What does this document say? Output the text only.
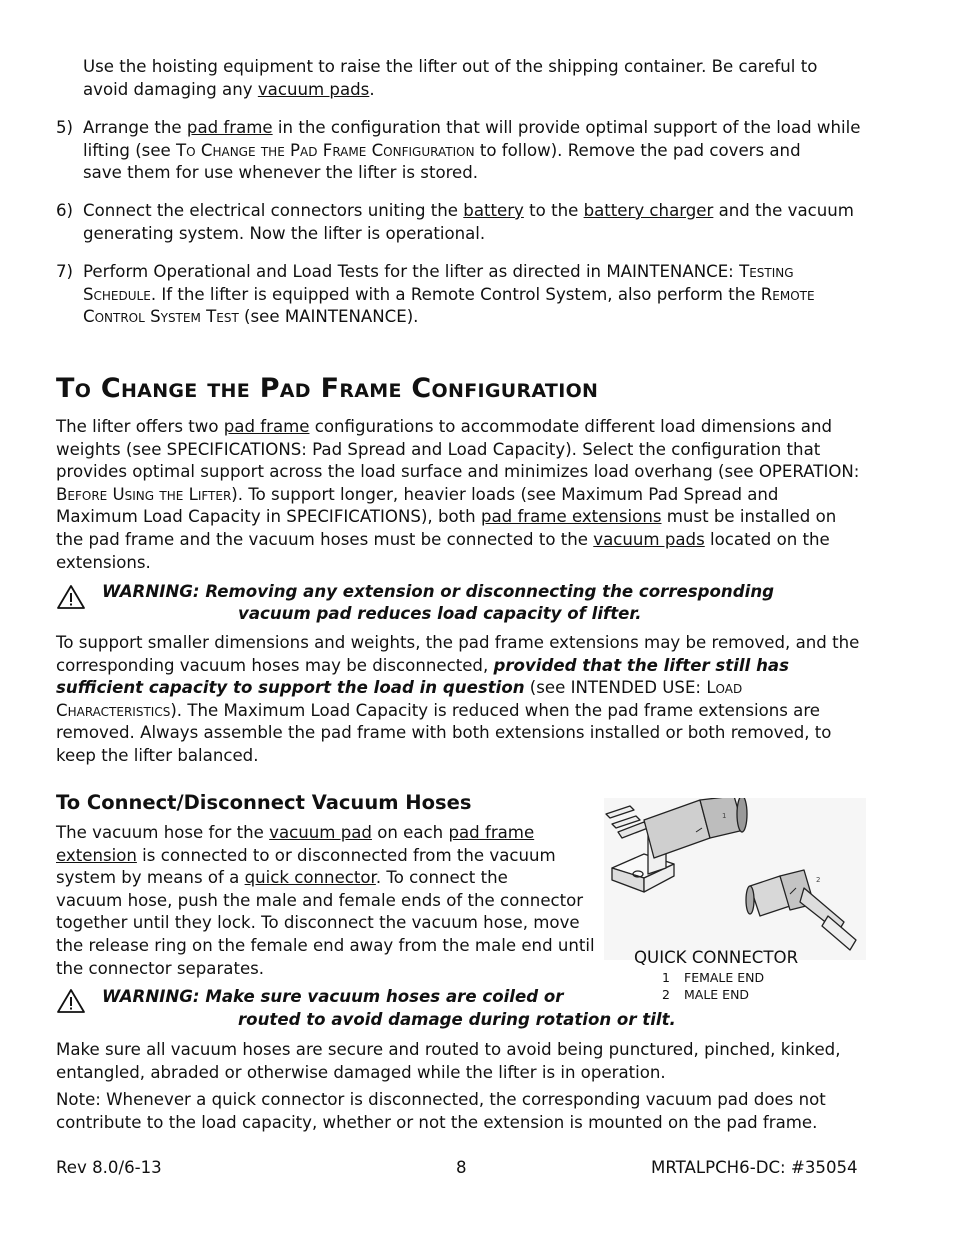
Use the hoisting equipment to raise the lifter out of the shipping container. Be careful to

avoid damaging any vacuum pads.

5) Arrange the pad frame in the configuration that will provide optimal support of the load while

lifting (see To Change the Pad Frame Configuration to follow). Remove the pad covers and

save them for use whenever the lifter is stored.

6) Connect the electrical connectors uniting the battery to the battery charger and the vacuum

generating system. Now the lifter is operational.

7) Perform Operational and Load Tests for the lifter as directed in MAINTENANCE: Testing

Schedule. If the lifter is equipped with a Remote Control System, also perform the Remote

Control System Test (see MAINTENANCE).

To Change the Pad Frame Configuration

The lifter offers two pad frame configurations to accommodate different load dimensions and

weights (see SPECIFICATIONS: Pad Spread and Load Capacity). Select the configuration that

provides optimal support across the load surface and minimizes load overhang (see OPERATION:

Before Using the Lifter). To support longer, heavier loads (see Maximum Pad Spread and

Maximum Load Capacity in SPECIFICATIONS), both pad frame extensions must be installed on

the pad frame and the vacuum hoses must be connected to the vacuum pads located on the

extensions.

WARNING: Removing any extension or disconnecting the corresponding
vacuum pad reduces load capacity of lifter.

To support smaller dimensions and weights, the pad frame extensions may be removed, and the

corresponding vacuum hoses may be disconnected, provided that the lifter still has

sufficient capacity to support the load in question (see INTENDED USE: Load

Characteristics). The Maximum Load Capacity is reduced when the pad frame extensions are

removed. Always assemble the pad frame with both extensions installed or both removed, to

keep the lifter balanced.

To Connect/Disconnect Vacuum Hoses

The vacuum hose for the vacuum pad on each pad frame

extension is connected to or disconnected from the vacuum

system by means of a quick connector. To connect the

vacuum hose, push the male and female ends of the connector

together until they lock. To disconnect the vacuum hose, move

the release ring on the female end away from the male end until

the connector separates.

1
2
QUICK CONNECTOR
1 FEMALE END
2 MALE END
WARNING: Make sure vacuum hoses are coiled or
routed to avoid damage during rotation or tilt.

Make sure all vacuum hoses are secure and routed to avoid being punctured, pinched, kinked,

entangled, abraded or otherwise damaged while the lifter is in operation.

Note: Whenever a quick connector is disconnected, the corresponding vacuum pad does not

contribute to the load capacity, whether or not the extension is mounted on the pad frame.

Rev 8.0/6-13	8	MRTALPCH6-DC: #35054
